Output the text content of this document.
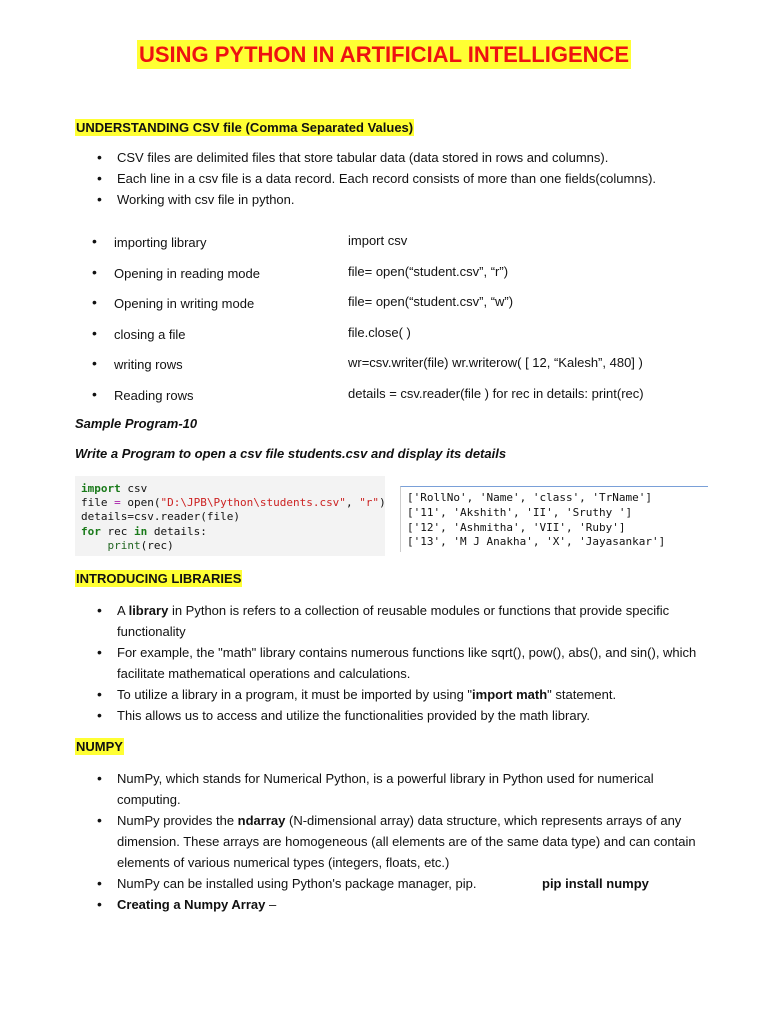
USING PYTHON IN ARTIFICIAL INTELLIGENCE
UNDERSTANDING CSV file (Comma Separated Values)
• CSV files are delimited files that store tabular data (data stored in rows and columns).
• Each line in a csv file is a data record. Each record consists of more than one fields(columns).
• Working with csv file in python.
• importing library	import csv
• Opening in reading mode	file= open(“student.csv”, “r”)
• Opening in writing mode	file= open(“student.csv”, “w”)
• closing a file	file.close( )
• writing rows	wr=csv.writer(file) wr.writerow( [ 12, “Kalesh”, 480] )
• Reading rows	details = csv.reader(file ) for rec in details: print(rec)
Sample Program-10
Write a Program to open a csv file students.csv and display its details
import csv
file = open("D:\JPB\Python\students.csv", "r")
details=csv.reader(file)
for rec in details:
print(rec)
['RollNo', 'Name', 'class', 'TrName']
['11', 'Akshith', 'II', 'Sruthy ']
['12', 'Ashmitha', 'VII', 'Ruby']
['13', 'M J Anakha', 'X', 'Jayasankar']
INTRODUCING LIBRARIES
• A library in Python is refers to a collection of reusable modules or functions that provide specific functionality
• For example, the "math" library contains numerous functions like sqrt(), pow(), abs(), and sin(), which facilitate mathematical operations and calculations.
• To utilize a library in a program, it must be imported by using "import math" statement.
• This allows us to access and utilize the functionalities provided by the math library.
NUMPY
• NumPy, which stands for Numerical Python, is a powerful library in Python used for numerical computing.
• NumPy provides the ndarray (N-dimensional array) data structure, which represents arrays of any dimension. These arrays are homogeneous (all elements are of the same data type) and can contain elements of various numerical types (integers, floats, etc.)
• NumPy can be installed using Python's package manager, pip.	pip install numpy
• Creating a Numpy Array –
